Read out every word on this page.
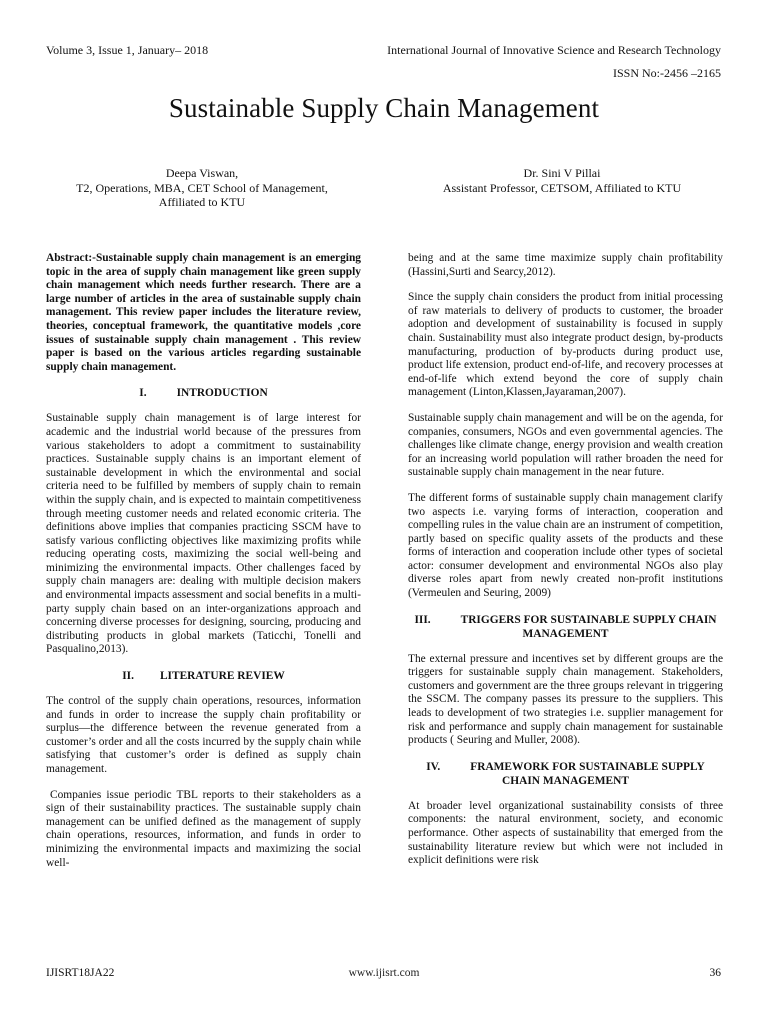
Volume 3, Issue 1, January– 2018	International Journal of Innovative Science and Research Technology
ISSN No:-2456 –2165
Sustainable Supply Chain Management
Deepa Viswan,
T2, Operations, MBA, CET School of Management,
Affiliated to KTU
Dr. Sini V Pillai
Assistant Professor, CETSOM, Affiliated to KTU

Abstract:-Sustainable supply chain management is an emerging topic in the area of supply chain management like green supply chain management which needs further research. There are a large number of articles in the area of sustainable supply chain management. This review paper includes the literature review, theories, conceptual framework, the quantitative models ,core issues of sustainable supply chain management . This review paper is based on the various articles regarding sustainable supply chain management.

I.	INTRODUCTION

Sustainable supply chain management is of large interest for academic and the industrial world because of the pressures from various stakeholders to adopt a commitment to sustainability practices. Sustainable supply chains is an important element of sustainable development in which the environmental and social criteria need to be fulfilled by members of supply chain to remain within the supply chain, and is expected to maintain competitiveness through meeting customer needs and related economic criteria. The definitions above implies that companies practicing SSCM have to satisfy various conflicting objectives like maximizing profits while reducing operating costs, maximizing the social well-being and minimizing the environmental impacts. Other challenges faced by supply chain managers are: dealing with multiple decision makers and environmental impacts assessment and social benefits in a multi-party supply chain based on an inter-organizations approach and concerning diverse processes for designing, sourcing, producing and distributing products in global markets (Taticchi, Tonelli and Pasqualino,2013).

II. LITERATURE REVIEW

The control of the supply chain operations, resources, information and funds in order to increase the supply chain profitability or surplus—the difference between the revenue generated from a customer’s order and all the costs incurred by the supply chain while satisfying that customer’s order is defined as supply chain management.

Companies issue periodic TBL reports to their stakeholders as a sign of their sustainability practices. The sustainable supply chain management can be unified defined as the management of supply chain operations, resources, information, and funds in order to minimizing the environmental impacts and maximizing the social well-

being and at the same time maximize supply chain profitability (Hassini,Surti and Searcy,2012).

Since the supply chain considers the product from initial processing of raw materials to delivery of products to customer, the broader adoption and development of sustainability is focused in supply chain. Sustainability must also integrate product design, by-products manufacturing, production of by-products during product use, product life extension, product end-of-life, and recovery processes at end-of-life which extend beyond the core of supply chain management (Linton,Klassen,Jayaraman,2007).

Sustainable supply chain management and will be on the agenda, for companies, consumers, NGOs and even governmental agencies. The challenges like climate change, energy provision and wealth creation for an increasing world population will rather broaden the need for sustainable supply chain management in the near future.

The different forms of sustainable supply chain management clarify two aspects i.e. varying forms of interaction, cooperation and compelling rules in the value chain are an instrument of competition, partly based on specific quality assets of the products and these forms of interaction and cooperation include other types of societal actor: consumer development and environmental NGOs also play diverse roles apart from newly created non-profit institutions (Vermeulen and Seuring, 2009)

III.	TRIGGERS FOR SUSTAINABLE SUPPLY CHAIN MANAGEMENT

The external pressure and incentives set by different groups are the triggers for sustainable supply chain management. Stakeholders, customers and government are the three groups relevant in triggering the SSCM. The company passes its pressure to the suppliers. This leads to development of two strategies i.e. supplier management for risk and performance and supply chain management for sustainable products ( Seuring and Muller, 2008).

IV.	FRAMEWORK FOR SUSTAINABLE SUPPLY CHAIN MANAGEMENT

At broader level organizational sustainability consists of three components: the natural environment, society, and economic performance. Other aspects of sustainability that emerged from the sustainability literature review but which were not included in explicit definitions were risk

IJISRT18JA22	www.ijisrt.com	36
